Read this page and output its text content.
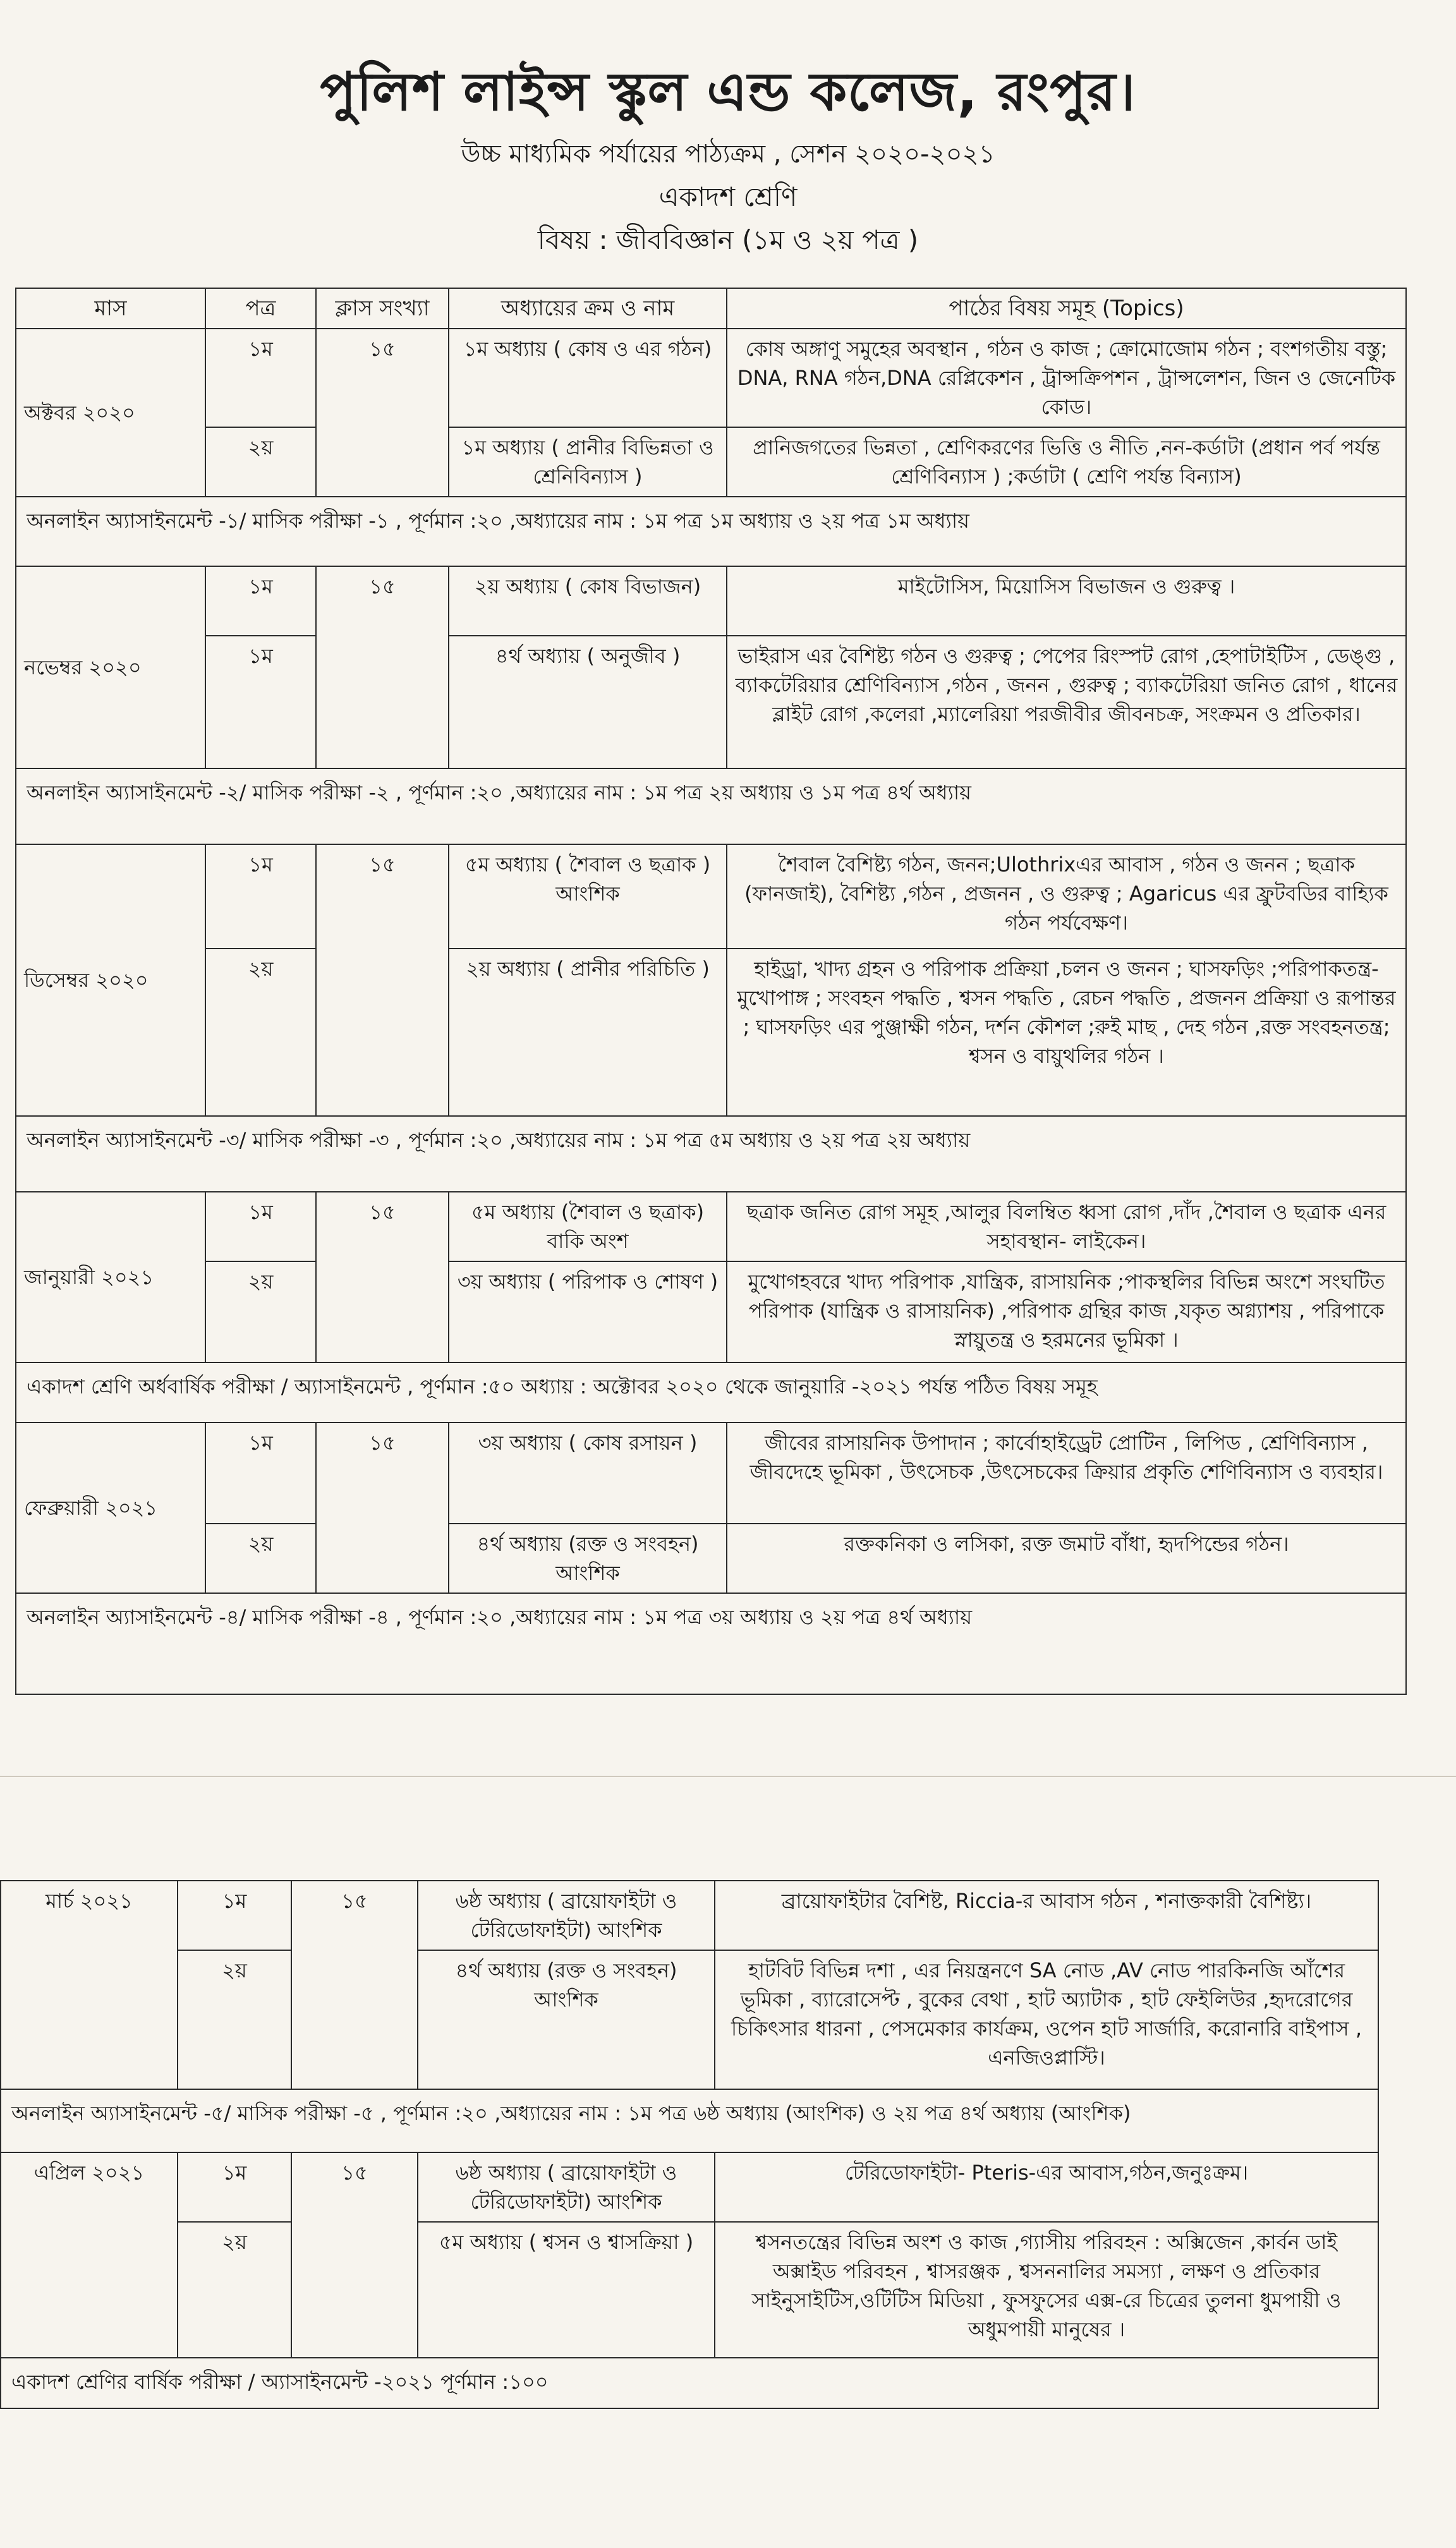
পুলিশ লাইন্স স্কুল এন্ড কলেজ, রংপুর।
উচ্চ মাধ্যমিক পর্যায়ের পাঠ্যক্রম , সেশন ২০২০-২০২১
একাদশ শ্রেণি
বিষয় : জীববিজ্ঞান (১ম ও ২য় পত্র )
মাস	পত্র	ক্লাস সংখ্যা	অধ্যায়ের ক্রম ও নাম	পাঠের বিষয় সমূহ (Topics)
অক্টবর ২০২০	১ম	১৫	১ম অধ্যায় ( কোষ ও এর গঠন)	কোষ অঙ্গাণু সমুহের অবস্থান , গঠন ও কাজ ; ক্রোমোজোম গঠন ; বংশগতীয় বস্তু; DNA, RNA গঠন,DNA রেপ্লিকেশন , ট্রান্সক্রিপশন , ট্রান্সলেশন, জিন ও জেনেটিক কোড।
	২য়		১ম অধ্যায় ( প্রানীর বিভিন্নতা ও শ্রেনিবিন্যাস )	প্রানিজগতের ভিন্নতা , শ্রেণিকরণের ভিত্তি ও নীতি ,নন-কর্ডাটা (প্রধান পর্ব পর্যন্ত শ্রেণিবিন্যাস ) ;কর্ডাটা ( শ্রেণি পর্যন্ত বিন্যাস)
অনলাইন অ্যাসাইনমেন্ট -১/ মাসিক পরীক্ষা -১ , পূর্ণমান :২০ ,অধ্যায়ের নাম : ১ম পত্র ১ম অধ্যায় ও ২য় পত্র ১ম অধ্যায়				
নভেম্বর ২০২০	১ম	১৫	২য় অধ্যায় ( কোষ বিভাজন)	মাইটোসিস, মিয়োসিস বিভাজন ও গুরুত্ব ।
	১ম		৪র্থ অধ্যায় ( অনুজীব )	ভাইরাস এর বৈশিষ্ট্য গঠন ও গুরুত্ব ; পেপের রিংস্পট রোগ ,হেপাটাইটিস , ডেঙ্গু , ব্যাকটেরিয়ার শ্রেণিবিন্যাস ,গঠন , জনন , গুরুত্ব ; ব্যাকটেরিয়া জনিত রোগ , ধানের ব্লাইট রোগ ,কলেরা ,ম্যালেরিয়া পরজীবীর জীবনচক্র, সংক্রমন ও প্রতিকার।
অনলাইন অ্যাসাইনমেন্ট -২/ মাসিক পরীক্ষা -২ , পূর্ণমান :২০ ,অধ্যায়ের নাম : ১ম পত্র ২য় অধ্যায় ও ১ম পত্র ৪র্থ অধ্যায়				
ডিসেম্বর ২০২০	১ম	১৫	৫ম অধ্যায় ( শৈবাল ও ছত্রাক ) আংশিক	শৈবাল বৈশিষ্ট্য গঠন, জনন;Ulothrixএর আবাস , গঠন ও জনন ; ছত্রাক (ফানজাই), বৈশিষ্ট্য ,গঠন , প্রজনন , ও গুরুত্ব ; Agaricus এর ফ্রুটবডির বাহ্যিক গঠন পর্যবেক্ষণ।
	২য়		২য় অধ্যায় ( প্রানীর পরিচিতি )	হাইড্রা, খাদ্য গ্রহন ও পরিপাক প্রক্রিয়া ,চলন ও জনন ; ঘাসফড়িং ;পরিপাকতন্ত্র- মুখোপাঙ্গ ; সংবহন পদ্ধতি , শ্বসন পদ্ধতি , রেচন পদ্ধতি , প্রজনন প্রক্রিয়া ও রূপান্তর ; ঘাসফড়িং এর পুঞ্জাক্ষী গঠন, দর্শন কৌশল ;রুই মাছ , দেহ গঠন ,রক্ত সংবহনতন্ত্র; শ্বসন ও বায়ুথলির গঠন ।
অনলাইন অ্যাসাইনমেন্ট -৩/ মাসিক পরীক্ষা -৩ , পূর্ণমান :২০ ,অধ্যায়ের নাম : ১ম পত্র ৫ম অধ্যায় ও ২য় পত্র ২য় অধ্যায়				
জানুয়ারী ২০২১	১ম	১৫	৫ম অধ্যায় (শৈবাল ও ছত্রাক) বাকি অংশ	ছত্রাক জনিত রোগ সমূহ ,আলুর বিলম্বিত ধ্বসা রোগ ,দাঁদ ,শৈবাল ও ছত্রাক এনর সহাবস্থান- লাইকেন।
	২য়		৩য় অধ্যায় ( পরিপাক ও শোষণ )	মুখোগহবরে খাদ্য পরিপাক ,যান্ত্রিক, রাসায়নিক ;পাকস্থলির বিভিন্ন অংশে সংঘটিত পরিপাক (যান্ত্রিক ও রাসায়নিক) ,পরিপাক গ্রন্থির কাজ ,যকৃত অগ্ন্যাশয় , পরিপাকে স্নায়ুতন্ত্র ও হরমনের ভূমিকা ।
একাদশ শ্রেণি অর্ধবার্ষিক পরীক্ষা / অ্যাসাইনমেন্ট , পূর্ণমান :৫০ অধ্যায় : অক্টোবর ২০২০ থেকে জানুয়ারি -২০২১ পর্যন্ত পঠিত বিষয় সমূহ				
ফেব্রুয়ারী ২০২১	১ম	১৫	৩য় অধ্যায় ( কোষ রসায়ন )	জীবের রাসায়নিক উপাদান ; কার্বোহাইড্রেট প্রোটিন , লিপিড , শ্রেণিবিন্যাস , জীবদেহে ভূমিকা , উৎসেচক ,উৎসেচকের ক্রিয়ার প্রকৃতি শেণিবিন্যাস ও ব্যবহার।
	২য়		৪র্থ অধ্যায় (রক্ত ও সংবহন) আংশিক	রক্তকনিকা ও লসিকা, রক্ত জমাট বাঁধা, হৃদপিন্ডের গঠন।
অনলাইন অ্যাসাইনমেন্ট -৪/ মাসিক পরীক্ষা -৪ , পূর্ণমান :২০ ,অধ্যায়ের নাম : ১ম পত্র ৩য় অধ্যায় ও ২য় পত্র ৪র্থ অধ্যায়				
মার্চ ২০২১	১ম	১৫	৬ষ্ঠ অধ্যায় ( ব্রায়োফাইটা ও টেরিডোফাইটা) আংশিক	ব্রায়োফাইটার বৈশিষ্ট, Riccia-র আবাস গঠন , শনাক্তকারী বৈশিষ্ট্য।
	২য়		৪র্থ অধ্যায় (রক্ত ও সংবহন) আংশিক	হাটবিট বিভিন্ন দশা , এর নিয়ন্ত্রনণে SA নোড ,AV নোড পারকিনজি আঁশের ভূমিকা , ব্যারোসেপ্ট , বুকের বেথা , হাট অ্যাটাক , হাট ফেইলিউর ,হৃদরোগের চিকিৎসার ধারনা , পেসমেকার কার্যক্রম, ওপেন হাট সার্জারি, করোনারি বাইপাস , এনজিওপ্লাস্টি।
অনলাইন অ্যাসাইনমেন্ট -৫/ মাসিক পরীক্ষা -৫ , পূর্ণমান :২০ ,অধ্যায়ের নাম : ১ম পত্র ৬ষ্ঠ অধ্যায় (আংশিক) ও ২য় পত্র ৪র্থ অধ্যায় (আংশিক)				
এপ্রিল ২০২১	১ম	১৫	৬ষ্ঠ অধ্যায় ( ব্রায়োফাইটা ও টেরিডোফাইটা) আংশিক	টেরিডোফাইটা- Pteris-এর আবাস,গঠন,জনুঃক্রম।
	২য়		৫ম অধ্যায় ( শ্বসন ও শ্বাসক্রিয়া )	শ্বসনতন্ত্রের বিভিন্ন অংশ ও কাজ ,গ্যাসীয় পরিবহন : অক্সিজেন ,কার্বন ডাই অক্সাইড পরিবহন , শ্বাসরঞ্জক , শ্বসননালির সমস্যা , লক্ষণ ও প্রতিকার সাইনুসাইটিস,ওটিটিস মিডিয়া , ফুসফুসের এক্স-রে চিত্রের তুলনা ধুমপায়ী ও অধুমপায়ী মানুষের ।
একাদশ শ্রেণির বার্ষিক পরীক্ষা / অ্যাসাইনমেন্ট -২০২১ পূর্ণমান :১০০				
